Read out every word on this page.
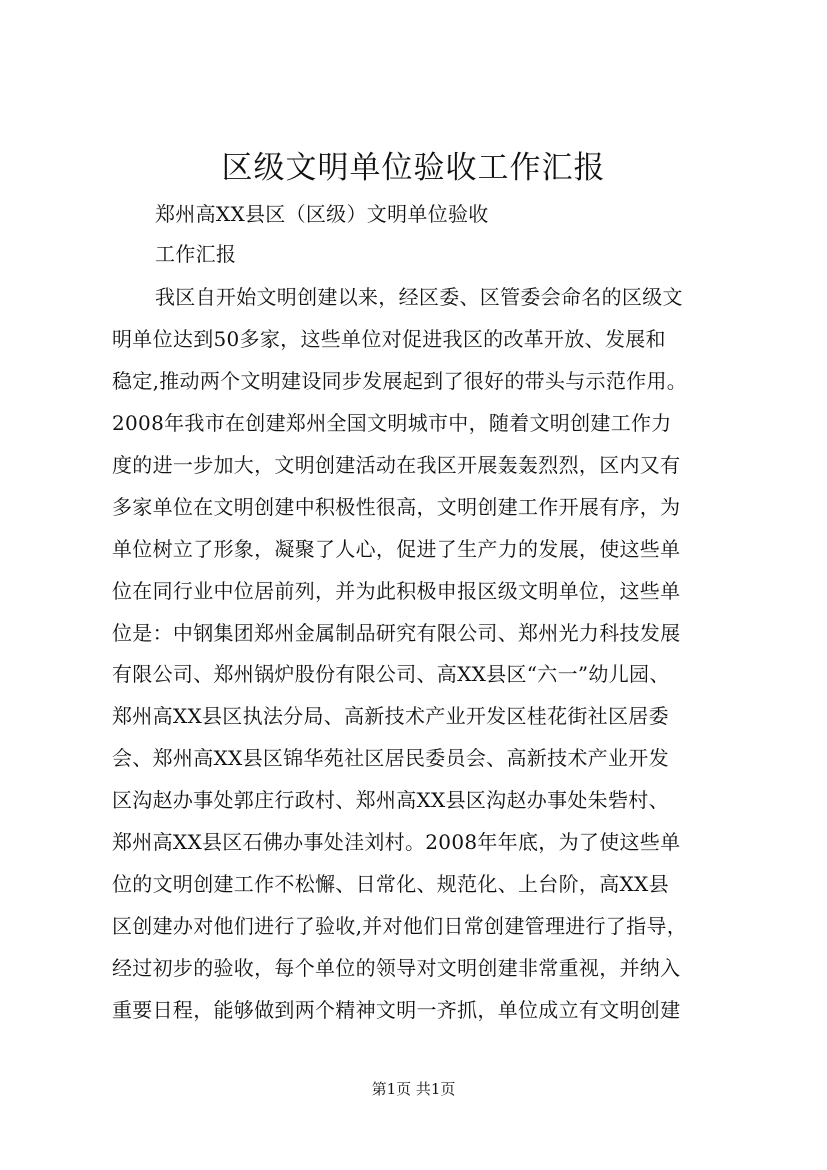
区级文明单位验收工作汇报
郑州高XX县区（区级）文明单位验收
工作汇报
我区自开始文明创建以来，经区委、区管委会命名的区级文
明单位达到50多家，这些单位对促进我区的改革开放、发展和
稳定,推动两个文明建设同步发展起到了很好的带头与示范作用。
2008年我市在创建郑州全国文明城市中，随着文明创建工作力
度的进一步加大，文明创建活动在我区开展轰轰烈烈，区内又有
多家单位在文明创建中积极性很高，文明创建工作开展有序，为
单位树立了形象，凝聚了人心，促进了生产力的发展，使这些单
位在同行业中位居前列，并为此积极申报区级文明单位，这些单
位是：中钢集团郑州金属制品研究有限公司、郑州光力科技发展
有限公司、郑州锅炉股份有限公司、高XX县区“六一”幼儿园、
郑州高XX县区执法分局、高新技术产业开发区桂花街社区居委
会、郑州高XX县区锦华苑社区居民委员会、高新技术产业开发
区沟赵办事处郭庄行政村、郑州高XX县区沟赵办事处朱砦村、
郑州高XX县区石佛办事处洼刘村。2008年年底，为了使这些单
位的文明创建工作不松懈、日常化、规范化、上台阶，高XX县
区创建办对他们进行了验收,并对他们日常创建管理进行了指导，
经过初步的验收，每个单位的领导对文明创建非常重视，并纳入
重要日程，能够做到两个精神文明一齐抓，单位成立有文明创建
第1页 共1页
